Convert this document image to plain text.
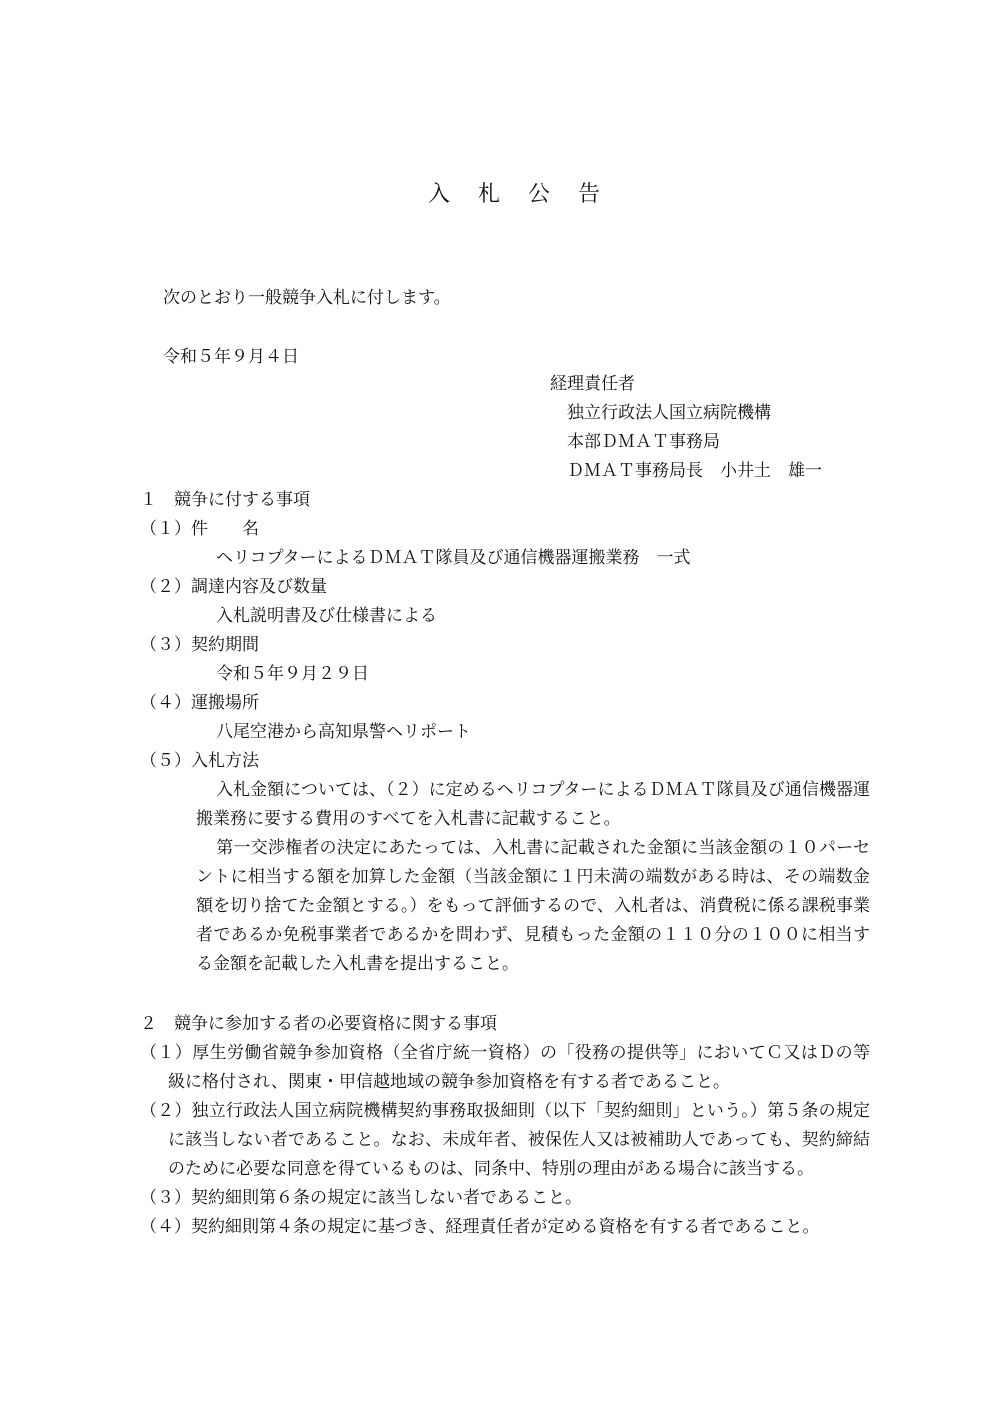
入札公告
次のとおり一般競争入札に付します。
令和５年９月４日
経理責任者
独立行政法人国立病院機構
本部ＤＭＡＴ事務局
ＤＭＡＴ事務局長　小井土　雄一
１　競争に付する事項
（１）件　　名
ヘリコプターによるＤＭＡＴ隊員及び通信機器運搬業務　一式
（２）調達内容及び数量
入札説明書及び仕様書による
（３）契約期間
令和５年９月２９日
（４）運搬場所
八尾空港から高知県警ヘリポート
（５）入札方法
入札金額については、（２）に定めるヘリコプターによるＤＭＡＴ隊員及び通信機器運搬業務に要する費用のすべてを入札書に記載すること。
第一交渉権者の決定にあたっては、入札書に記載された金額に当該金額の１０パーセントに相当する額を加算した金額（当該金額に１円未満の端数がある時は、その端数金額を切り捨てた金額とする。）をもって評価するので、入札者は、消費税に係る課税事業者であるか免税事業者であるかを問わず、見積もった金額の１１０分の１００に相当する金額を記載した入札書を提出すること。
２　競争に参加する者の必要資格に関する事項
（１）厚生労働省競争参加資格（全省庁統一資格）の「役務の提供等」においてＣ又はＤの等級に格付され、関東・甲信越地域の競争参加資格を有する者であること。
（２）独立行政法人国立病院機構契約事務取扱細則（以下「契約細則」という。）第５条の規定に該当しない者であること。なお、未成年者、被保佐人又は被補助人であっても、契約締結のために必要な同意を得ているものは、同条中、特別の理由がある場合に該当する。
（３）契約細則第６条の規定に該当しない者であること。
（４）契約細則第４条の規定に基づき、経理責任者が定める資格を有する者であること。
